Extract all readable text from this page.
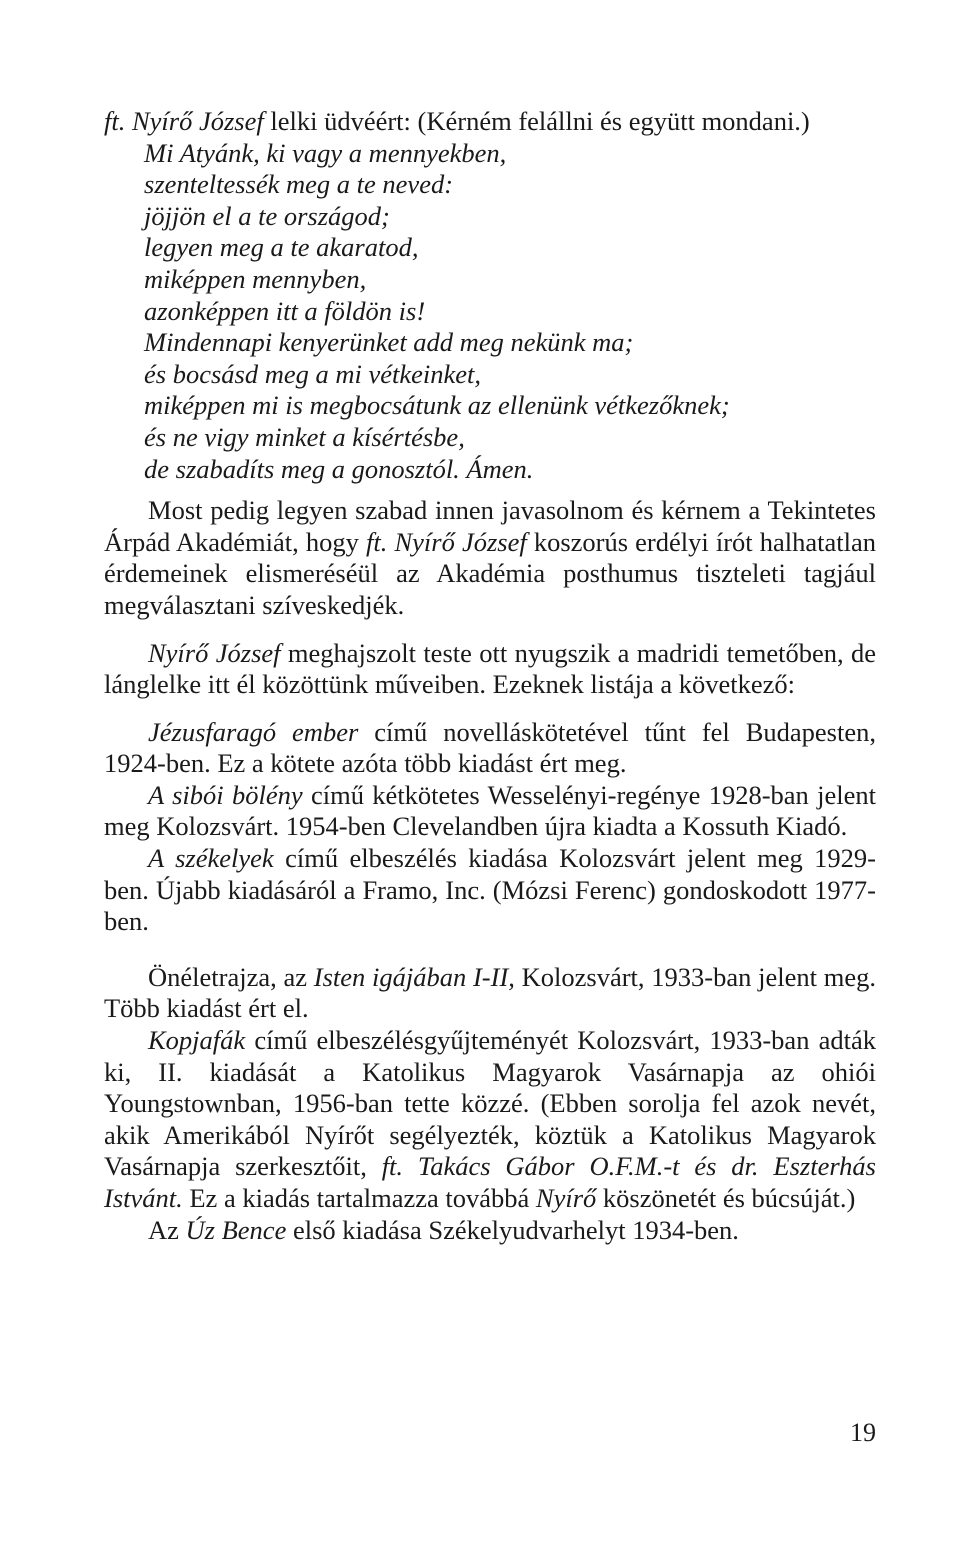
ft. Nyírő József lelki üdvéért: (Kérném felállni és együtt mondani.)

Mi Atyánk, ki vagy a mennyekben,
szenteltessék meg a te neved:
jöjjön el a te országod;
legyen meg a te akaratod,
miképpen mennyben,
azonképpen itt a földön is!
Mindennapi kenyerünket add meg nekünk ma;
és bocsásd meg a mi vétkeinket,
miképpen mi is megbocsátunk az ellenünk vétkezőknek;
és ne vigy minket a kísértésbe,
de szabadíts meg a gonosztól. Ámen.

Most pedig legyen szabad innen javasolnom és kérnem a Tekintetes Árpád Akadémiát, hogy ft. Nyírő József koszorús erdélyi írót halhatatlan érdemeinek elismeréséül az Akadémia posthumus tiszteleti tagjául megválasztani szíveskedjék.

Nyírő József meghajszolt teste ott nyugszik a madridi temetőben, de lánglelke itt él közöttünk műveiben. Ezeknek listája a következő:

Jézusfaragó ember című novelláskötetével tűnt fel Budapesten, 1924-ben. Ez a kötete azóta több kiadást ért meg.

A sibói bölény című kétkötetes Wesselényi-regénye 1928-ban jelent meg Kolozsvárt. 1954-ben Clevelandben újra kiadta a Kossuth Kiadó.

A székelyek című elbeszélés kiadása Kolozsvárt jelent meg 1929-ben. Újabb kiadásáról a Framo, Inc. (Mózsi Ferenc) gondoskodott 1977-ben.

Önéletrajza, az Isten igájában I-II, Kolozsvárt, 1933-ban jelent meg. Több kiadást ért el.

Kopjafák című elbeszélésgyűjteményét Kolozsvárt, 1933-ban adták ki, II. kiadását a Katolikus Magyarok Vasárnapja az ohiói Youngstownban, 1956-ban tette közzé. (Ebben sorolja fel azok nevét, akik Amerikából Nyírőt segélyezték, köztük a Katolikus Magyarok Vasárnapja szerkesztőit, ft. Takács Gábor O.F.M.-t és dr. Eszterhás Istvánt. Ez a kiadás tartalmazza továbbá Nyírő köszönetét és búcsúját.)

Az Úz Bence első kiadása Székelyudvarhelyt 1934-ben.

19
